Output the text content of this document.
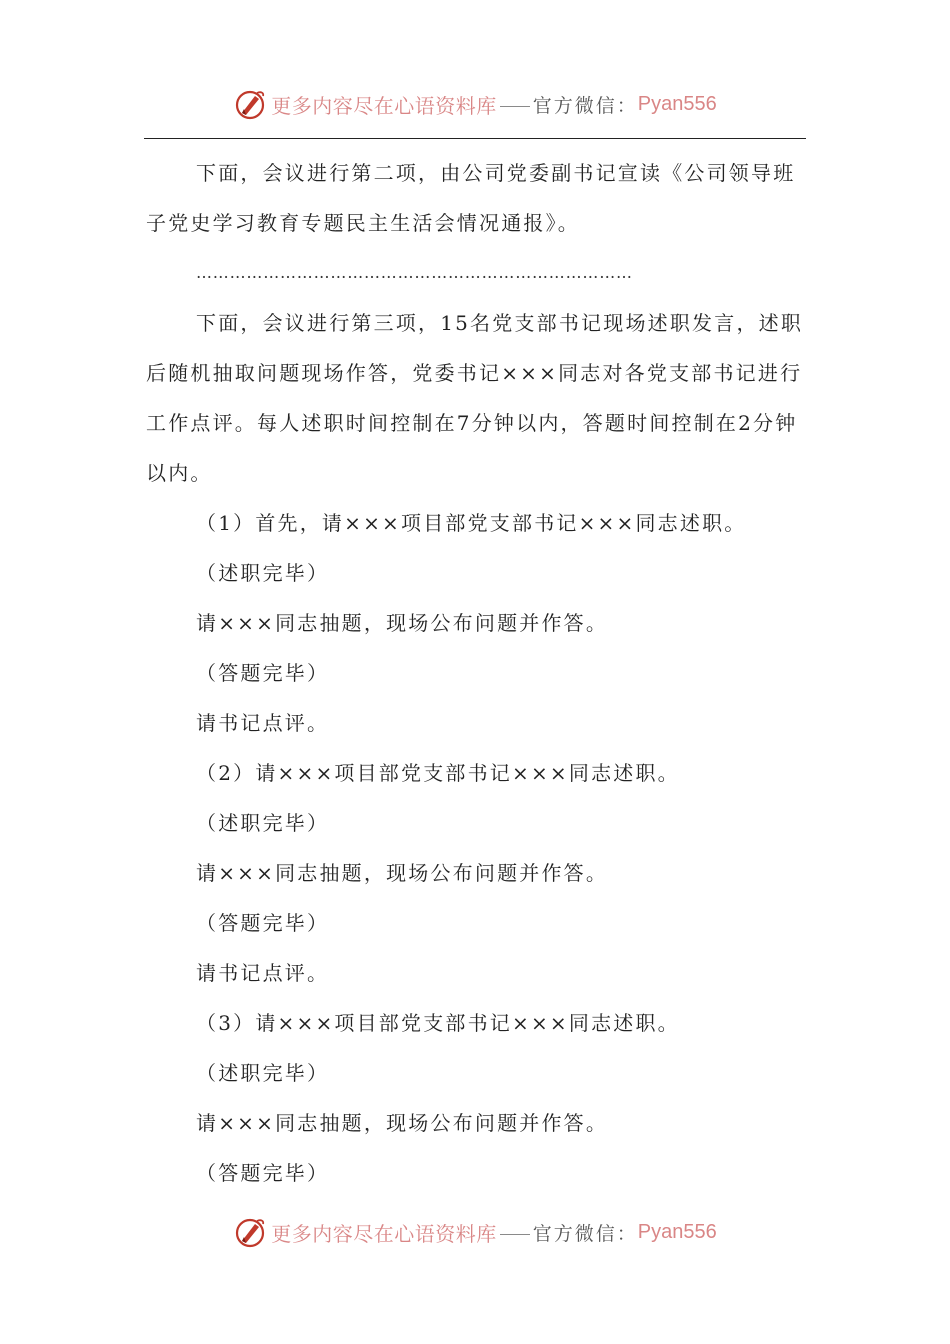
更多内容尽在心语资料库 官方微信： Pyan556

下面，会议进行第二项，由公司党委副书记宣读《公司领导班子党史学习教育专题民主生活会情况通报》。

……………………………………………………………………

下面，会议进行第三项，15名党支部书记现场述职发言，述职后随机抽取问题现场作答，党委书记×××同志对各党支部书记进行工作点评。每人述职时间控制在7分钟以内，答题时间控制在2分钟以内。

（1）首先，请×××项目部党支部书记×××同志述职。

（述职完毕）

请×××同志抽题，现场公布问题并作答。

（答题完毕）

请书记点评。

（2）请×××项目部党支部书记×××同志述职。

（述职完毕）

请×××同志抽题，现场公布问题并作答。

（答题完毕）

请书记点评。

（3）请×××项目部党支部书记×××同志述职。

（述职完毕）

请×××同志抽题，现场公布问题并作答。

（答题完毕）

更多内容尽在心语资料库 官方微信： Pyan556
